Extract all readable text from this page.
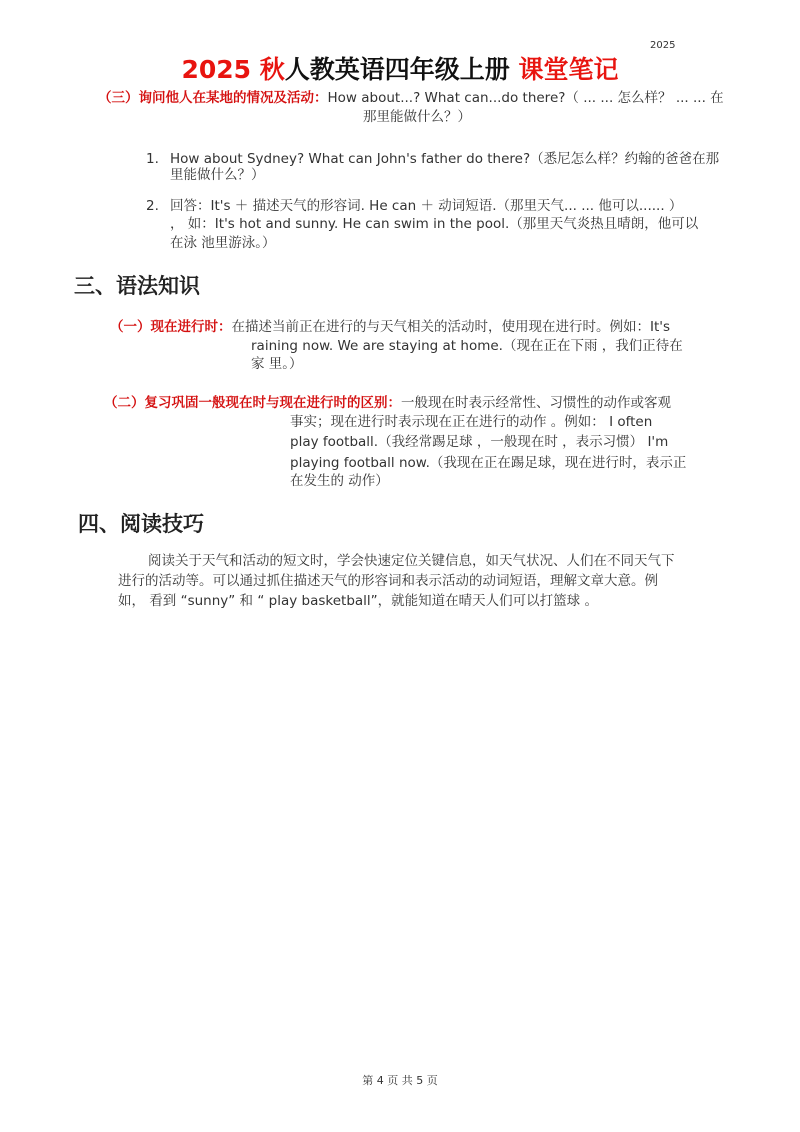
2025
2025 秋人教英语四年级上册 课堂笔记
（三）询问他人在某地的情况及活动：How about...? What can...do there?（ ... ... 怎么样？ ... ... 在
那里能做什么？）
1. How about Sydney? What can John's father do there?（悉尼怎么样？约翰的爸爸在那
里能做什么？）
2. 回答：It's ＋ 描述天气的形容词. He can ＋ 动词短语.（那里天气... ... 他可以...... ）
， 如：It's hot and sunny. He can swim in the pool.（那里天气炎热且晴朗，他可以
在泳 池里游泳。）
三、语法知识
（一）现在进行时：在描述当前正在进行的与天气相关的活动时，使用现在进行时。例如：It's
raining now. We are staying at home.（现在正在下雨 ，我们正待在
家 里。）
（二）复习巩固一般现在时与现在进行时的区别：一般现在时表示经常性、习惯性的动作或客观
事实；现在进行时表示现在正在进行的动作 。例如： I often
play football.（我经常踢足球 ，一般现在时 ，表示习惯） I'm
playing football now.（我现在正在踢足球，现在进行时，表示正
在发生的 动作）
四、阅读技巧
阅读关于天气和活动的短文时，学会快速定位关键信息，如天气状况、人们在不同天气下
进行的活动等。可以通过抓住描述天气的形容词和表示活动的动词短语，理解文章大意。例
如， 看到 “sunny” 和 “ play basketball”，就能知道在晴天人们可以打篮球 。
第 4 页 共 5 页
